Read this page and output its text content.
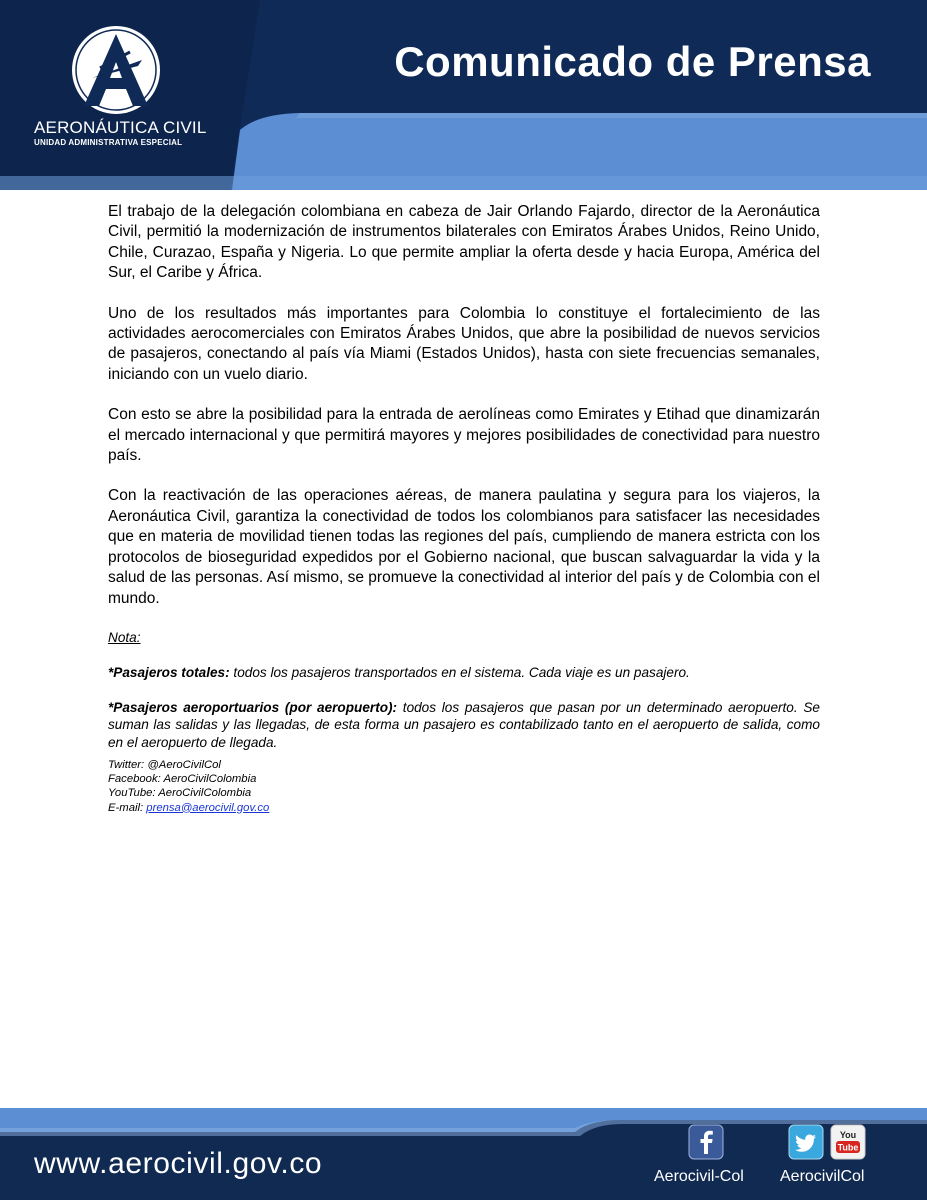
AERONÁUTICA CIVIL
UNIDAD ADMINISTRATIVA ESPECIAL
Comunicado de Prensa

El trabajo de la delegación colombiana en cabeza de Jair Orlando Fajardo, director de la Aeronáutica Civil, permitió la modernización de instrumentos bilaterales con Emiratos Árabes Unidos, Reino Unido, Chile, Curazao, España y Nigeria. Lo que permite ampliar la oferta desde y hacia Europa, América del Sur, el Caribe y África.

Uno de los resultados más importantes para Colombia lo constituye el fortalecimiento de las actividades aerocomerciales con Emiratos Árabes Unidos, que abre la posibilidad de nuevos servicios de pasajeros, conectando al país vía Miami (Estados Unidos), hasta con siete frecuencias semanales, iniciando con un vuelo diario.

Con esto se abre la posibilidad para la entrada de aerolíneas como Emirates y Etihad que dinamizarán el mercado internacional y que permitirá mayores y mejores posibilidades de conectividad para nuestro país.

Con la reactivación de las operaciones aéreas, de manera paulatina y segura para los viajeros, la Aeronáutica Civil, garantiza la conectividad de todos los colombianos para satisfacer las necesidades que en materia de movilidad tienen todas las regiones del país, cumpliendo de manera estricta con los protocolos de bioseguridad expedidos por el Gobierno nacional, que buscan salvaguardar la vida y la salud de las personas. Así mismo, se promueve la conectividad al interior del país y de Colombia con el mundo.

Nota:

*Pasajeros totales: todos los pasajeros transportados en el sistema. Cada viaje es un pasajero.

*Pasajeros aeroportuarios (por aeropuerto): todos los pasajeros que pasan por un determinado aeropuerto. Se suman las salidas y las llegadas, de esta forma un pasajero es contabilizado tanto en el aeropuerto de salida, como en el aeropuerto de llegada.

Twitter: @AeroCivilCol
Facebook: AeroCivilColombia
YouTube: AeroCivilColombia
E-mail: prensa@aerocivil.gov.co
www.aerocivil.gov.co
You
Tube
Aerocivil-Col AerocivilCol
